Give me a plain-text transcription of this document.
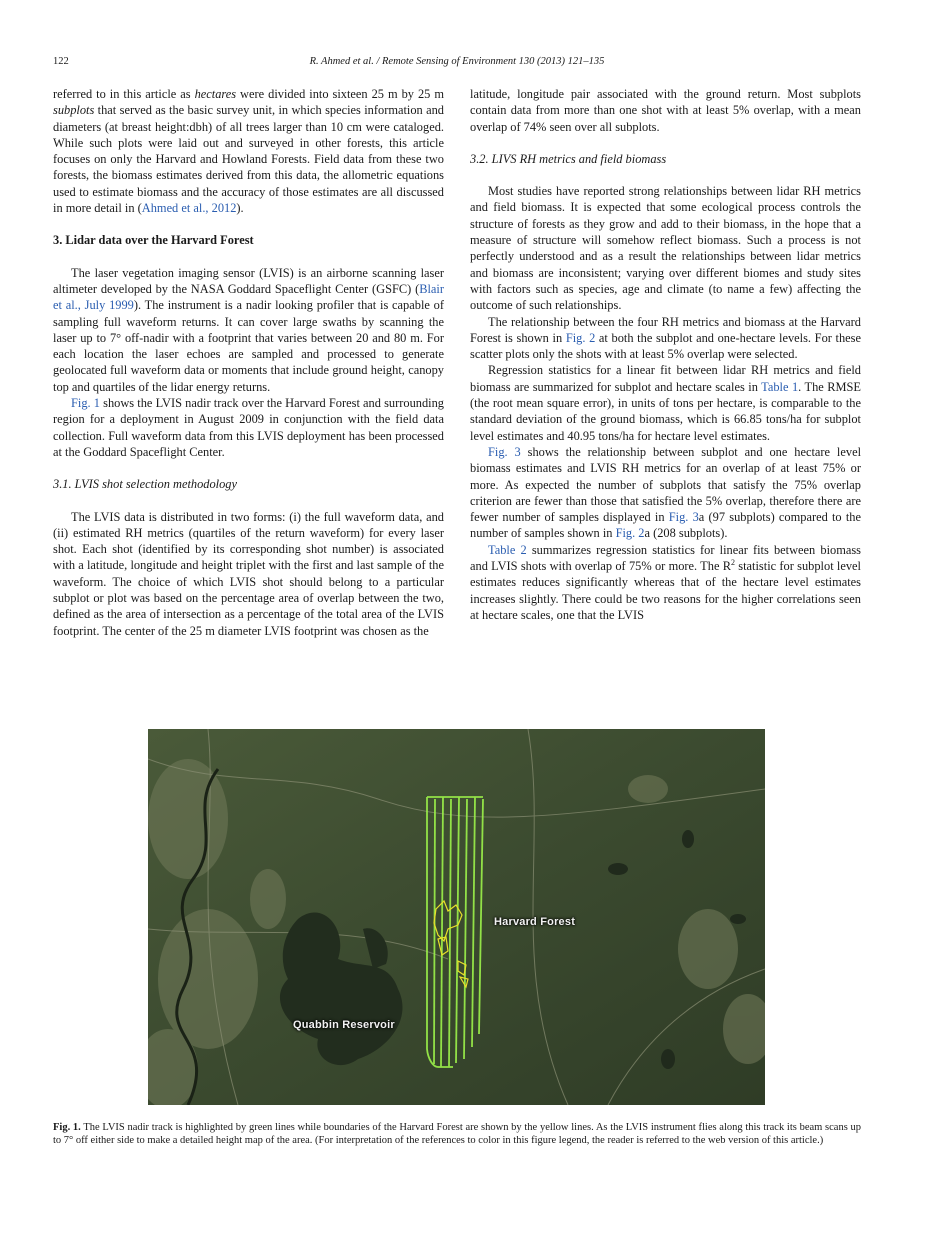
122	R. Ahmed et al. / Remote Sensing of Environment 130 (2013) 121–135

referred to in this article as hectares were divided into sixteen 25 m by 25 m subplots that served as the basic survey unit, in which species information and diameters (at breast height:dbh) of all trees larger than 10 cm were cataloged. While such plots were laid out and surveyed in other forests, this article focuses on only the Harvard and Howland Forests. Field data from these two forests, the biomass estimates derived from this data, the allometric equations used to estimate biomass and the accuracy of those estimates are all discussed in more detail in (Ahmed et al., 2012).

3. Lidar data over the Harvard Forest

The laser vegetation imaging sensor (LVIS) is an airborne scanning laser altimeter developed by the NASA Goddard Spaceflight Center (GSFC) (Blair et al., July 1999). The instrument is a nadir looking profiler that is capable of sampling full waveform returns. It can cover large swaths by scanning the laser up to 7° off-nadir with a footprint that varies between 20 and 80 m. For each location the laser echoes are sampled and processed to generate geolocated full waveform data or moments that include ground height, canopy top and quartiles of the lidar energy returns.

Fig. 1 shows the LVIS nadir track over the Harvard Forest and surrounding region for a deployment in August 2009 in conjunction with the field data collection. Full waveform data from this LVIS deployment has been processed at the Goddard Spaceflight Center.

3.1. LVIS shot selection methodology

The LVIS data is distributed in two forms: (i) the full waveform data, and (ii) estimated RH metrics (quartiles of the return waveform) for every laser shot. Each shot (identified by its corresponding shot number) is associated with a latitude, longitude and height triplet with the first and last sample of the waveform. The choice of which LVIS shot should belong to a particular subplot or plot was based on the percentage area of overlap between the two, defined as the area of intersection as a percentage of the total area of the LVIS footprint. The center of the 25 m diameter LVIS footprint was chosen as the

latitude, longitude pair associated with the ground return. Most subplots contain data from more than one shot with at least 5% overlap, with a mean overlap of 74% seen over all subplots.

3.2. LIVS RH metrics and field biomass

Most studies have reported strong relationships between lidar RH metrics and field biomass. It is expected that some ecological process controls the structure of forests as they grow and add to their biomass, in the hope that a measure of structure will somehow reflect biomass. Such a process is not perfectly understood and as a result the relationships between lidar metrics and biomass are inconsistent; varying over different biomes and study sites with factors such as species, age and climate (to name a few) affecting the outcome of such relationships.

The relationship between the four RH metrics and biomass at the Harvard Forest is shown in Fig. 2 at both the subplot and one-hectare levels. For these scatter plots only the shots with at least 5% overlap were selected.

Regression statistics for a linear fit between lidar RH metrics and field biomass are summarized for subplot and hectare scales in Table 1. The RMSE (the root mean square error), in units of tons per hectare, is comparable to the standard deviation of the ground biomass, which is 66.85 tons/ha for subplot level estimates and 40.95 tons/ha for hectare level estimates.

Fig. 3 shows the relationship between subplot and one hectare level biomass estimates and LVIS RH metrics for an overlap of at least 75% or more. As expected the number of subplots that satisfy the 75% overlap criterion are fewer than those that satisfied the 5% overlap, therefore there are fewer number of samples displayed in Fig. 3a (97 subplots) compared to the number of samples shown in Fig. 2a (208 subplots).

Table 2 summarizes regression statistics for linear fits between biomass and LVIS shots with overlap of 75% or more. The $R^2$ statistic for subplot level estimates reduces significantly whereas that of the hectare level estimates increases slightly. There could be two reasons for the higher correlations seen at hectare scales, one that the LVIS

Harvard Forest
Quabbin Reservoir
Fig. 1. The LVIS nadir track is highlighted by green lines while boundaries of the Harvard Forest are shown by the yellow lines. As the LVIS instrument flies along this track its beam scans up to 7° off either side to make a detailed height map of the area. (For interpretation of the references to color in this figure legend, the reader is referred to the web version of this article.)
